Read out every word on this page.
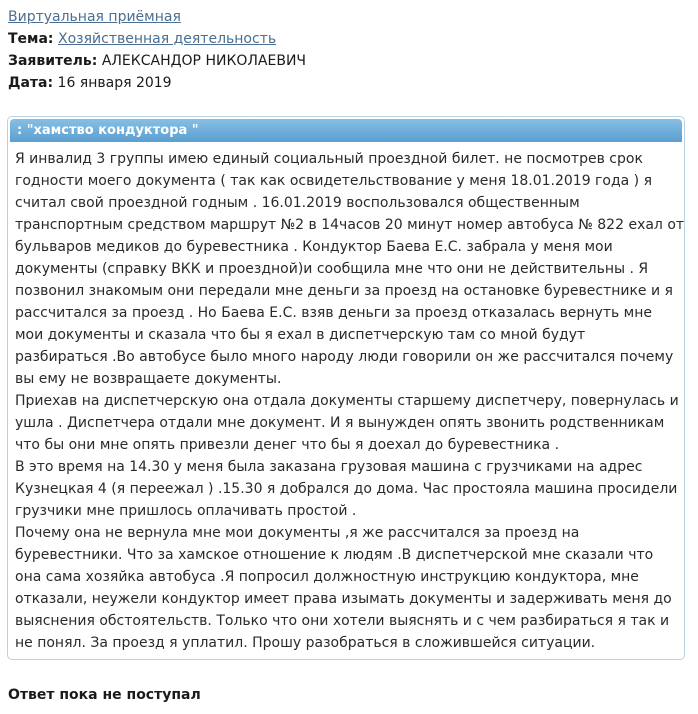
Виртуальная приёмная
Тема: Хозяйственная деятельность
Заявитель: АЛЕКСАНДОР НИКОЛАЕВИЧ
Дата: 16 января 2019
: "хамство кондуктора "
Я инвалид 3 группы имею единый социальный проездной билет. не посмотрев срок
годности моего документа ( так как освидетельствование у меня 18.01.2019 года ) я
считал свой проездной годным . 16.01.2019 воспользовался общественным
транспортным средством маршрут №2 в 14часов 20 минут номер автобуса № 822 ехал от
бульваров медиков до буревестника . Кондуктор Баева Е.С. забрала у меня мои
документы (справку ВКК и проездной)и сообщила мне что они не действительны . Я
позвонил знакомым они передали мне деньги за проезд на остановке буревестнике и я
рассчитался за проезд . Но Баева Е.С. взяв деньги за проезд отказалась вернуть мне
мои документы и сказала что бы я ехал в диспетчерскую там со мной будут
разбираться .Во автобусе было много народу люди говорили он же рассчитался почему
вы ему не возвращаете документы.
Приехав на диспетчерскую она отдала документы старшему диспетчеру, повернулась и
ушла . Диспетчера отдали мне документ. И я вынужден опять звонить родственникам
что бы они мне опять привезли денег что бы я доехал до буревестника .
В это время на 14.30 у меня была заказана грузовая машина с грузчиками на адрес
Кузнецкая 4 (я переежал ) .15.30 я добрался до дома. Час простояла машина просидели
грузчики мне пришлось оплачивать простой .
Почему она не вернула мне мои документы ,я же рассчитался за проезд на
буревестники. Что за хамское отношение к людям .В диспетчерской мне сказали что
она сама хозяйка автобуса .Я попросил должностную инструкцию кондуктора, мне
отказали, неужели кондуктор имеет права изымать документы и задерживать меня до
выяснения обстоятельств. Только что они хотели выяснять и с чем разбираться я так и
не понял. За проезд я уплатил. Прошу разобраться в сложившейся ситуации.
Ответ пока не поступал
